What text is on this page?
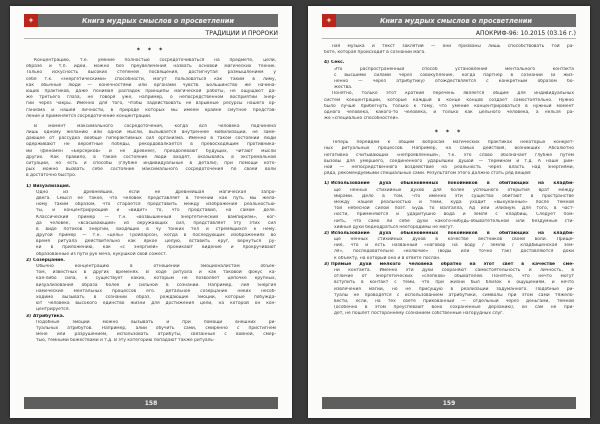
✦	Книга мудрых смыслов о просветлении
ТРАДИЦИИ И ПРОРОКИ
* * *
Концентрацию, т.е. умение полностью сосредоточиваться на предмете, цели,
образе и т.п. идеи, можно без преувеличения назвать основой магических техник.
Только искусность высоких степеней посвящения, достигнутая размышлением у
себя т.к. «энергетическими» способности, могут пользоваться как таким в лиму,
как обычные люди — конечностями или органами чувств. Большинство же начина-
ющих практиков, даже понимая распадок принципы магической работы, не ощущают да-
же третьего глаза, не говоря уже, например, о непосредственном восприятии энер-
гии через чакры. Именно для того, чтобы задействовать не взрывные ресурсы нашего ор-
ганизма и нашей личности, в природе которых мы имеем крайне смутное представ-
ление и применяется сосредоточение концентрации.
В момент максимального сосредоточения, когда вся человека подчинена
лишь одному желанию или одной мысли, вызывается внутреннее мобилизации, не заме-
дающее от рассудка вообще гиперактивных сил организма. Именно в таком состоянии люди
одерживают не вероятные победы, рекордовалкается в превосходящим противника-
ми (феномен «Берсерков» и не древнее), преодолевают будущих, читают мысли
других. Как правило, в таком состояние люди входят, оказываясь в экстремальной
ситуации, но есть и способы (глубже индивидуальные в детали), при помощи кото-
рых можно вызвать себе состояние максимального сосредоточения по своей воли
в достаточно быстро.
1) Визуализация.
Одно из древнейших, если не древнейшая магическая запро-
двега. Смысл ее такое, что человек представляет в течении как путь мы жела-
ному таким образом, что старается представить между изображения реальностью-
ты, и концентрирующий и «видит» то, что представил, на самом деле.
Классический пример — т.н. «возвышенный энергетический вампиризм», ког-
да человек, «всасывающий» из окружающих сил, представляет эту этих сил
в виде потоков энергии, входящих в чу тонких тел и стремящихся к нему.
Другой пример — т.н. «цель» Тройларсон, когда в последующих изображениях во
время ритуала действительно как яркое целую, вставить круг, вернуться ру-
ки в приложению, как «с энергией» проникают видение и прокручивают
образованные из пути рук меча, кукушкой свой сожест.
2) Созерцание.
Обычно концентрацию в отношении эмоционалистом объек-
том, известных в других временях. В ходе ритуала и как таковой фокус ка-
кая-либо сила, к существует каких, которым не позволяет цепочке крупных,
визуализования образа более и сильной в сознании. Например, лия энергия
намеческие ментальных процессов его. Детальное созерцание неких несоб-
ходимо вызывать в сознании образ, рождающие эмоции, которые побужда-
ют человека высокого единство жизни для достижения цели, на которой он кон-
центрируется.
3) Атрибутика.
Подобные эмоции можно вызывать и при помощи внешних ри-
туальных атрибутов. Например, алии обучить сами, смиренно с пристигнем
мене или разрушением, использовать атрибуты, связанные с войной, смер-
тью, тёмными божествами и т.д. В эту категорию попадают также ритуаль-
158
✦	Книга мудрых смыслов о просветлении
АПОКРИФ-96: 10.2015 (03.16 г.)
ная музыка и текст заклятий — они призваны лишь способствовать той ра-
боте, которая происходит в сознании мага.
4) Секс.
Это распространённый способ установления ментального контакта
с высшими силами через совокупление, когда партнёр в сознании (и жиз-
ненно — через атрибутику) отождествляется с конкретным образом бо-
жества.
Понятно, только этот краткий перечень является общим для индивидуальных
систем концентрации, которые каждый в конце концов создаёт самостоятельно. Нужно
было лучше прибегнуть только к тому, что умение концентрироваться в нужный момент
одного человека, какого-то человека, и только как цельного человека, а нельзя ра-
же «специально способностей».
* * *
Теперь перейдём к общим вопросам магических практиках некоторых конкрет-
ных ритуальных процессов. Например, на самых действия, возникших Абсолютно
негативно считывающих «непроявленный», т.к. это слово обозначает глубже путём
вызовы для умершего, соединённого ударьяшки душой — термином и т.д. А наше рим-
ной — непосредственного воздействие на реальность через власть над энергиями,
ряда, рекомендуемыми специальных сами. Результатом этого должно стать ряд вещей:
1) Использование духа обыкновенных покойников в обитающих на кладби-
ще ненных стихийных духов для более успешного открытия врат между
мирами. Дело в том, что именно эти существа обитают в пространстве
между нашей реальностью и теми, куда уходит «выхуканные» после тёмной
той небесной силой поэт. Будь то Валгалла, Ад или Элизиум. Для того, в част-
ности, применяются и ударитушно вода и земля с кладбищ. Следует пом-
нить, что само ли себе духи какого-нибудь-обыватетельной или бездумные сти-
хийные духи беднодраться неотородимы не могут.
2) Использование духа обыкновенных покойников в обитающих на кладби-
ще ненных стихийных духов в качестве вестников своей воли. Прищё-
ние, что и есть названный «наговор на воду / землю / кладбищенская зем-
ля», последовательно «колючие» (воды или точно так) доставляются доки
к объекту, на который оно и в ответе послан.
3) Прямые духи мелкого человека обратно на этот свет в качестве сме-
ни контакта. Именно эти духи сохраняют самостоятельность и личность, в
отличие от энергетических «слепков» обывателей. Понятно, что нечто могут
вступить в контакт с теми, что при жизни был близок к ощущениям, и нечто
извлечения магии, но не присущую в реализации задуманного. Подобные ри-
туалы не проводятся с использованием атрибутики, символы при этом сами тяжёло-
вести, если, на тех свете прикованный — отдельный через деньгами, тёмной
(особенно в этом преуспевают воно сохранённые дерзанию), он сам не при-
дёт, не пошлёт постороннему сознанием собственные нагорудных слуг.
159
